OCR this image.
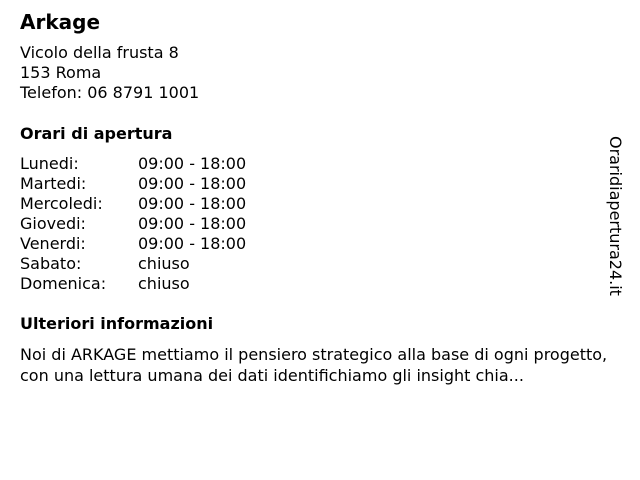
Arkage
Vicolo della frusta 8
153 Roma
Telefon: 06 8791 1001
Orari di apertura
Lunedi:	09:00 - 18:00
Martedi:	09:00 - 18:00
Mercoledi: 09:00 - 18:00
Giovedi:	09:00 - 18:00
Venerdi:	09:00 - 18:00
Sabato:	chiuso
Domenica: chiuso
Ulteriori informazioni

Noi di ARKAGE mettiamo il pensiero strategico alla base di ogni progetto, con una lettura umana dei dati identifichiamo gli insight chia...

Oraridiapertura24.it
